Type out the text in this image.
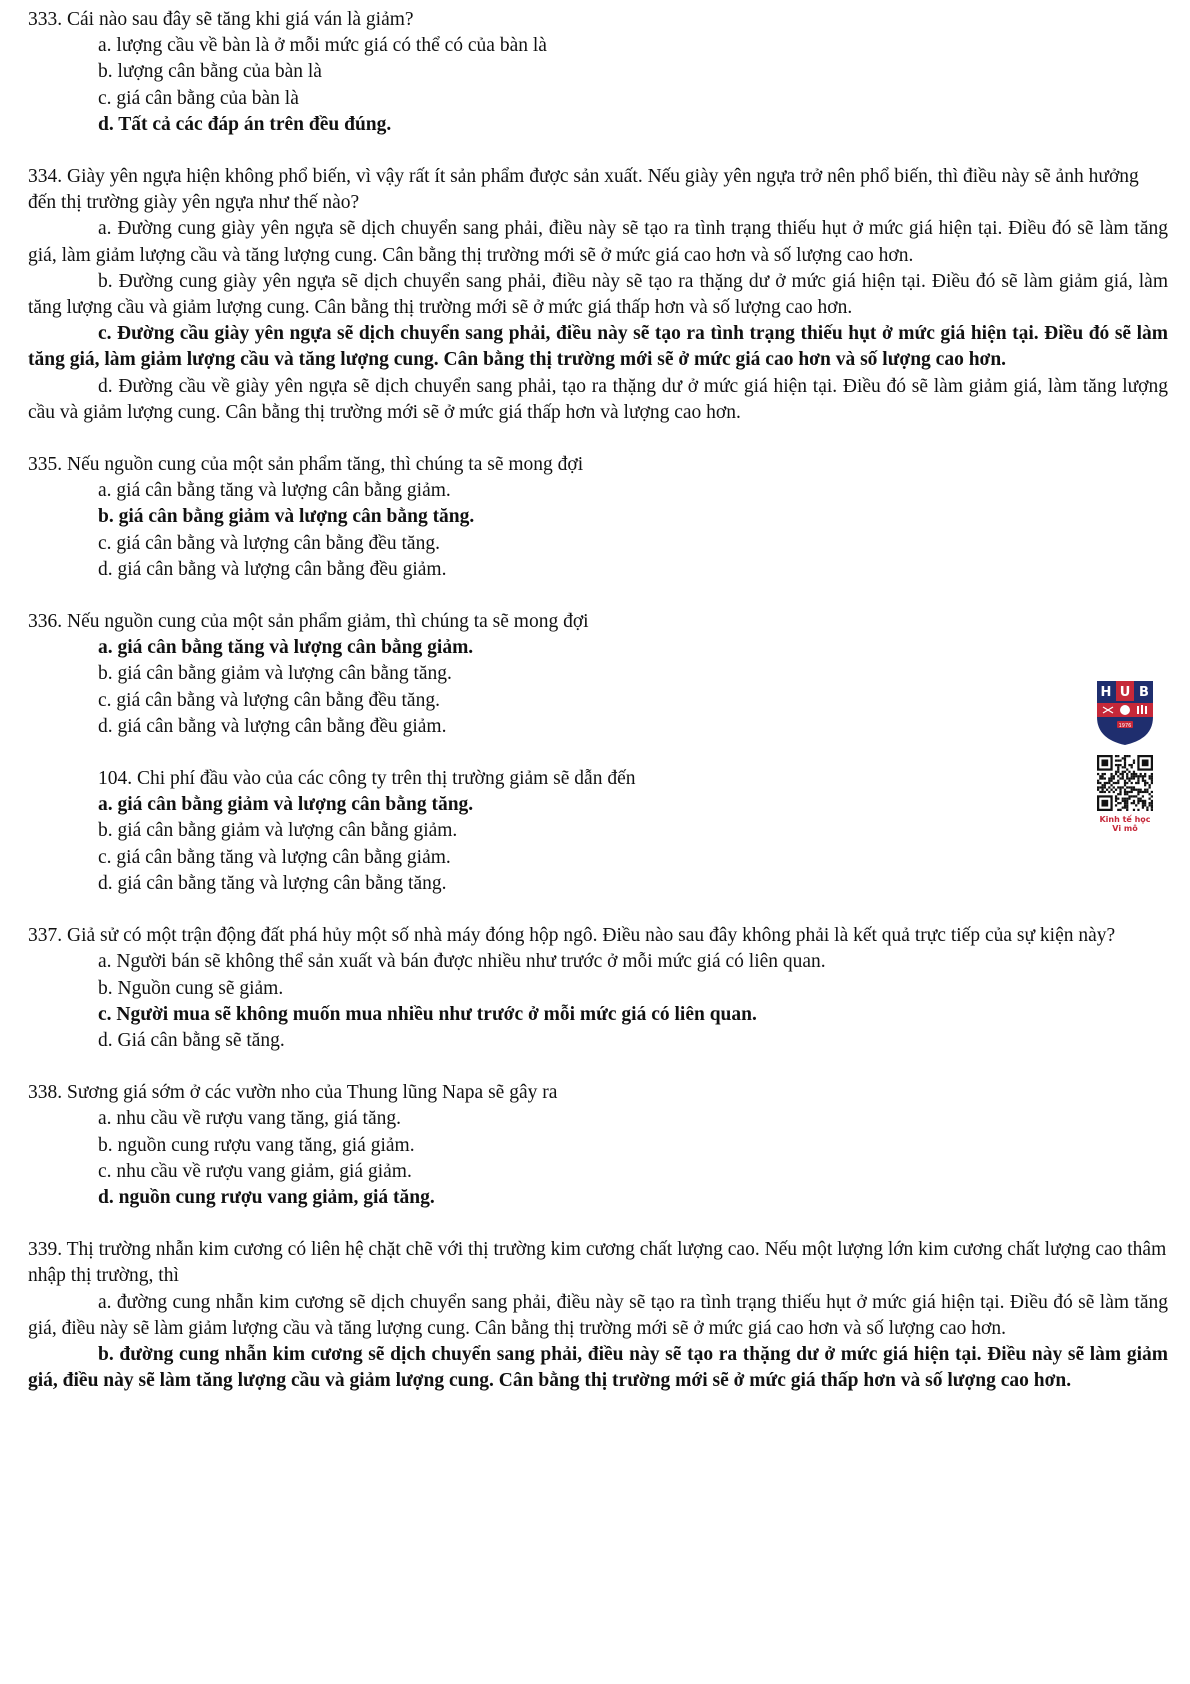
333. Cái nào sau đây sẽ tăng khi giá ván là giảm?

a. lượng cầu về bàn là ở mỗi mức giá có thể có của bàn là

b. lượng cân bằng của bàn là

c. giá cân bằng của bàn là

d. Tất cả các đáp án trên đều đúng.

334. Giày yên ngựa hiện không phổ biến, vì vậy rất ít sản phẩm được sản xuất. Nếu giày yên ngựa trở nên phổ biến, thì điều này sẽ ảnh hưởng đến thị trường giày yên ngựa như thế nào?

a. Đường cung giày yên ngựa sẽ dịch chuyển sang phải, điều này sẽ tạo ra tình trạng thiếu hụt ở mức giá hiện tại. Điều đó sẽ làm tăng giá, làm giảm lượng cầu và tăng lượng cung. Cân bằng thị trường mới sẽ ở mức giá cao hơn và số lượng cao hơn.

b. Đường cung giày yên ngựa sẽ dịch chuyển sang phải, điều này sẽ tạo ra thặng dư ở mức giá hiện tại. Điều đó sẽ làm giảm giá, làm tăng lượng cầu và giảm lượng cung. Cân bằng thị trường mới sẽ ở mức giá thấp hơn và số lượng cao hơn.

c. Đường cầu giày yên ngựa sẽ dịch chuyển sang phải, điều này sẽ tạo ra tình trạng thiếu hụt ở mức giá hiện tại. Điều đó sẽ làm tăng giá, làm giảm lượng cầu và tăng lượng cung. Cân bằng thị trường mới sẽ ở mức giá cao hơn và số lượng cao hơn.

d. Đường cầu về giày yên ngựa sẽ dịch chuyển sang phải, tạo ra thặng dư ở mức giá hiện tại. Điều đó sẽ làm giảm giá, làm tăng lượng cầu và giảm lượng cung. Cân bằng thị trường mới sẽ ở mức giá thấp hơn và lượng cao hơn.

335. Nếu nguồn cung của một sản phẩm tăng, thì chúng ta sẽ mong đợi

a. giá cân bằng tăng và lượng cân bằng giảm.

b. giá cân bằng giảm và lượng cân bằng tăng.

c. giá cân bằng và lượng cân bằng đều tăng.

d. giá cân bằng và lượng cân bằng đều giảm.

336. Nếu nguồn cung của một sản phẩm giảm, thì chúng ta sẽ mong đợi

a. giá cân bằng tăng và lượng cân bằng giảm.

b. giá cân bằng giảm và lượng cân bằng tăng.

c. giá cân bằng và lượng cân bằng đều tăng.

d. giá cân bằng và lượng cân bằng đều giảm.

104. Chi phí đầu vào của các công ty trên thị trường giảm sẽ dẫn đến

a. giá cân bằng giảm và lượng cân bằng tăng.

b. giá cân bằng giảm và lượng cân bằng giảm.

c. giá cân bằng tăng và lượng cân bằng giảm.

d. giá cân bằng tăng và lượng cân bằng tăng.

337. Giả sử có một trận động đất phá hủy một số nhà máy đóng hộp ngô. Điều nào sau đây không phải là kết quả trực tiếp của sự kiện này?

a. Người bán sẽ không thể sản xuất và bán được nhiều như trước ở mỗi mức giá có liên quan.

b. Nguồn cung sẽ giảm.

c. Người mua sẽ không muốn mua nhiều như trước ở mỗi mức giá có liên quan.

d. Giá cân bằng sẽ tăng.

338. Sương giá sớm ở các vườn nho của Thung lũng Napa sẽ gây ra

a. nhu cầu về rượu vang tăng, giá tăng.

b. nguồn cung rượu vang tăng, giá giảm.

c. nhu cầu về rượu vang giảm, giá giảm.

d. nguồn cung rượu vang giảm, giá tăng.

339. Thị trường nhẫn kim cương có liên hệ chặt chẽ với thị trường kim cương chất lượng cao. Nếu một lượng lớn kim cương chất lượng cao thâm nhập thị trường, thì

a. đường cung nhẫn kim cương sẽ dịch chuyển sang phải, điều này sẽ tạo ra tình trạng thiếu hụt ở mức giá hiện tại. Điều đó sẽ làm tăng giá, điều này sẽ làm giảm lượng cầu và tăng lượng cung. Cân bằng thị trường mới sẽ ở mức giá cao hơn và số lượng cao hơn.

b. đường cung nhẫn kim cương sẽ dịch chuyển sang phải, điều này sẽ tạo ra thặng dư ở mức giá hiện tại. Điều này sẽ làm giảm giá, điều này sẽ làm tăng lượng cầu và giảm lượng cung. Cân bằng thị trường mới sẽ ở mức giá thấp hơn và số lượng cao hơn.

H U B
1976
Kinh tế học
Vi mô
